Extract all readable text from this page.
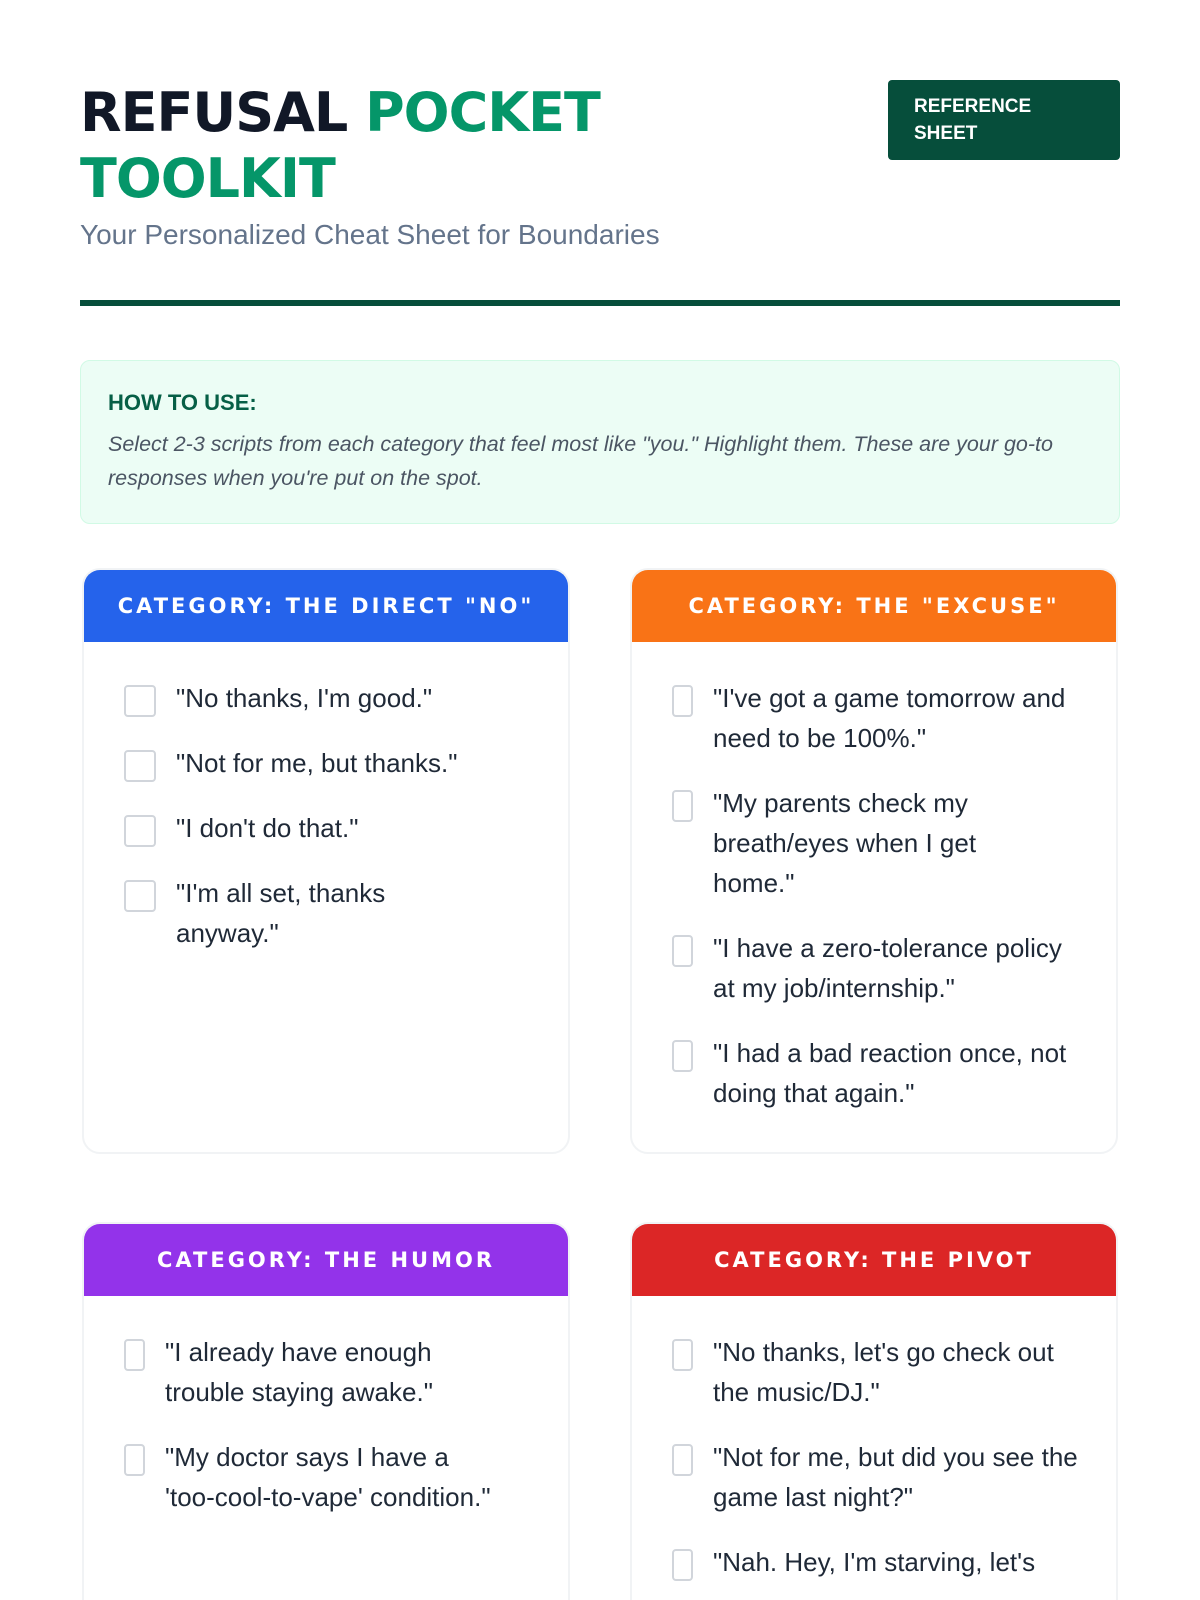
REFUSAL POCKET TOOLKIT

Your Personalized Cheat Sheet for Boundaries

REFERENCE
SHEET
HOW TO USE:
Select 2-3 scripts from each category that feel most like "you." Highlight them. These are your go-to responses when you're put on the spot.
CATEGORY: THE DIRECT "NO"
"No thanks, I'm good."
"Not for me, but thanks."
"I don't do that."
"I'm all set, thanks anyway."
CATEGORY: THE "EXCUSE"
"I've got a game tomorrow and need to be 100%."
"My parents check my breath/eyes when I get home."
"I have a zero-tolerance policy at my job/internship."
"I had a bad reaction once, not doing that again."
CATEGORY: THE HUMOR
"I already have enough trouble staying awake."
"My doctor says I have a 'too-cool-to-vape' condition."
CATEGORY: THE PIVOT
"No thanks, let's go check out the music/DJ."
"Not for me, but did you see the game last night?"
"Nah. Hey, I'm starving, let's
